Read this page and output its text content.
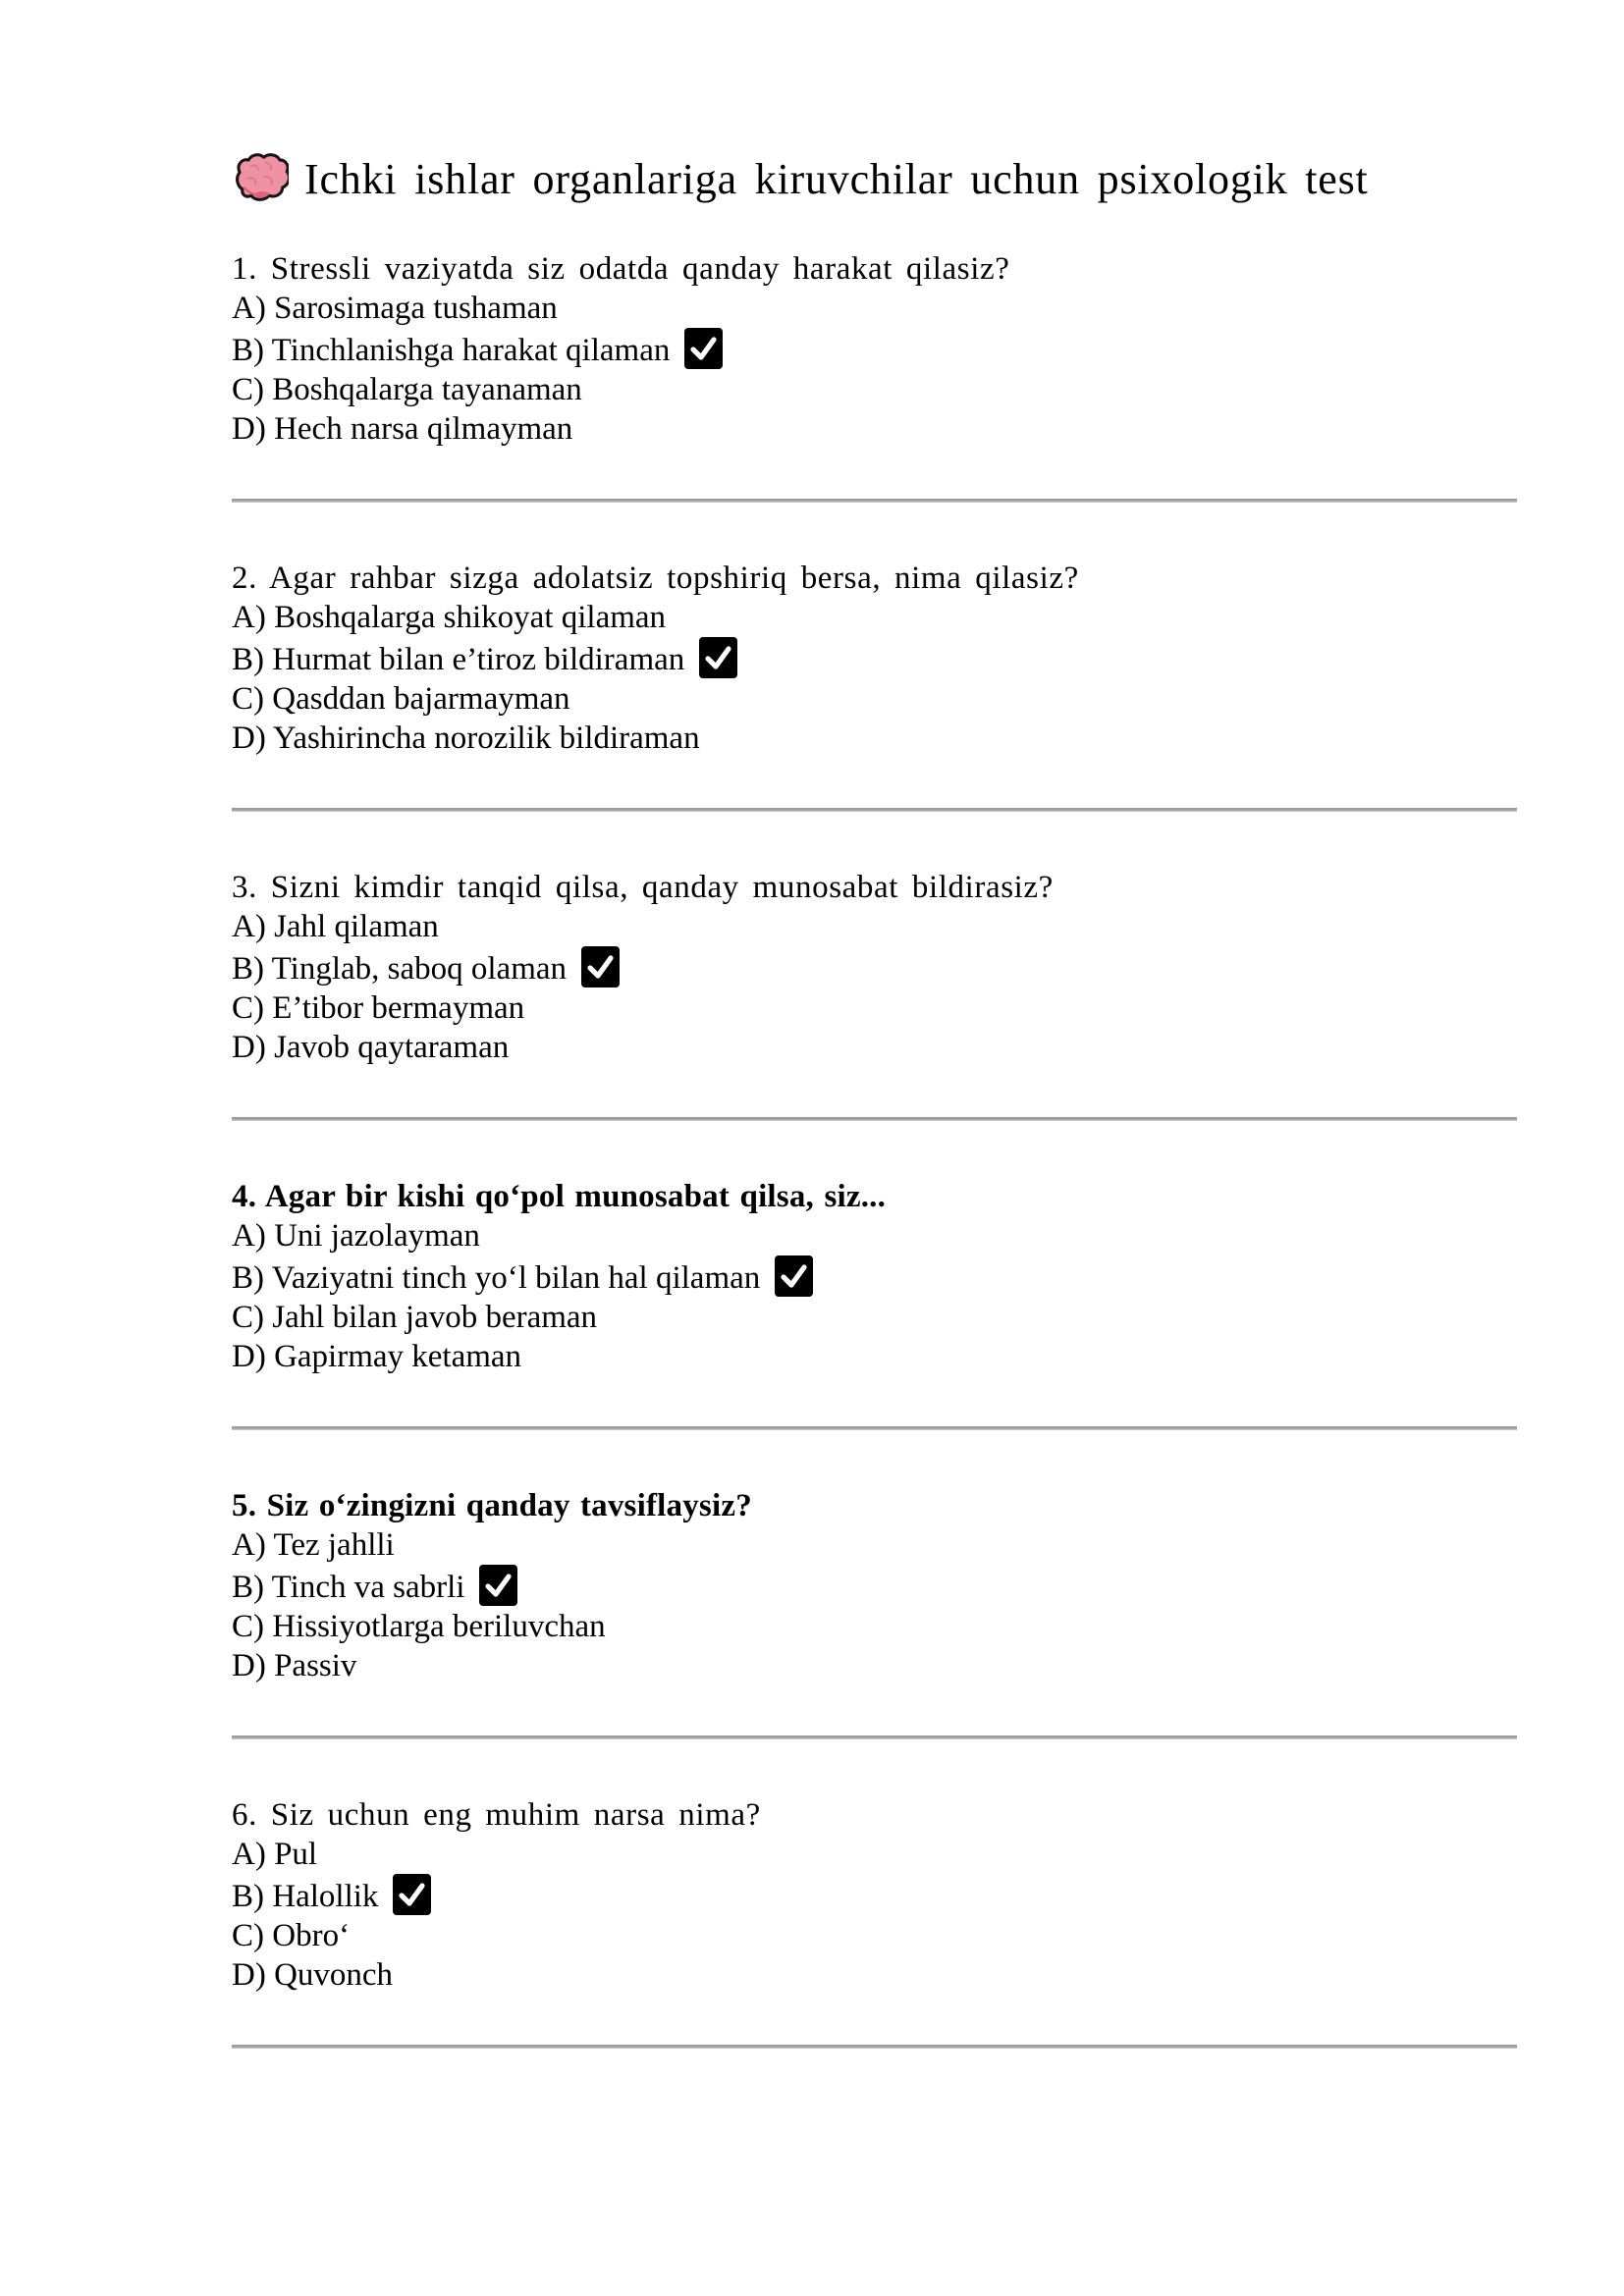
Ichki ishlar organlariga kiruvchilar uchun psixologik test
1. Stressli vaziyatda siz odatda qanday harakat qilasiz?
A) Sarosimaga tushaman
B) Tinchlanishga harakat qilaman
C) Boshqalarga tayanaman
D) Hech narsa qilmayman
2. Agar rahbar sizga adolatsiz topshiriq bersa, nima qilasiz?
A) Boshqalarga shikoyat qilaman
B) Hurmat bilan e’tiroz bildiraman
C) Qasddan bajarmayman
D) Yashirincha norozilik bildiraman
3. Sizni kimdir tanqid qilsa, qanday munosabat bildirasiz?
A) Jahl qilaman
B) Tinglab, saboq olaman
C) E’tibor bermayman
D) Javob qaytaraman
4. Agar bir kishi qoʻpol munosabat qilsa, siz...
A) Uni jazolayman
B) Vaziyatni tinch yoʻl bilan hal qilaman
C) Jahl bilan javob beraman
D) Gapirmay ketaman
5. Siz oʻzingizni qanday tavsiflaysiz?
A) Tez jahlli
B) Tinch va sabrli
C) Hissiyotlarga beriluvchan
D) Passiv
6. Siz uchun eng muhim narsa nima?
A) Pul
B) Halollik
C) Obroʻ
D) Quvonch
